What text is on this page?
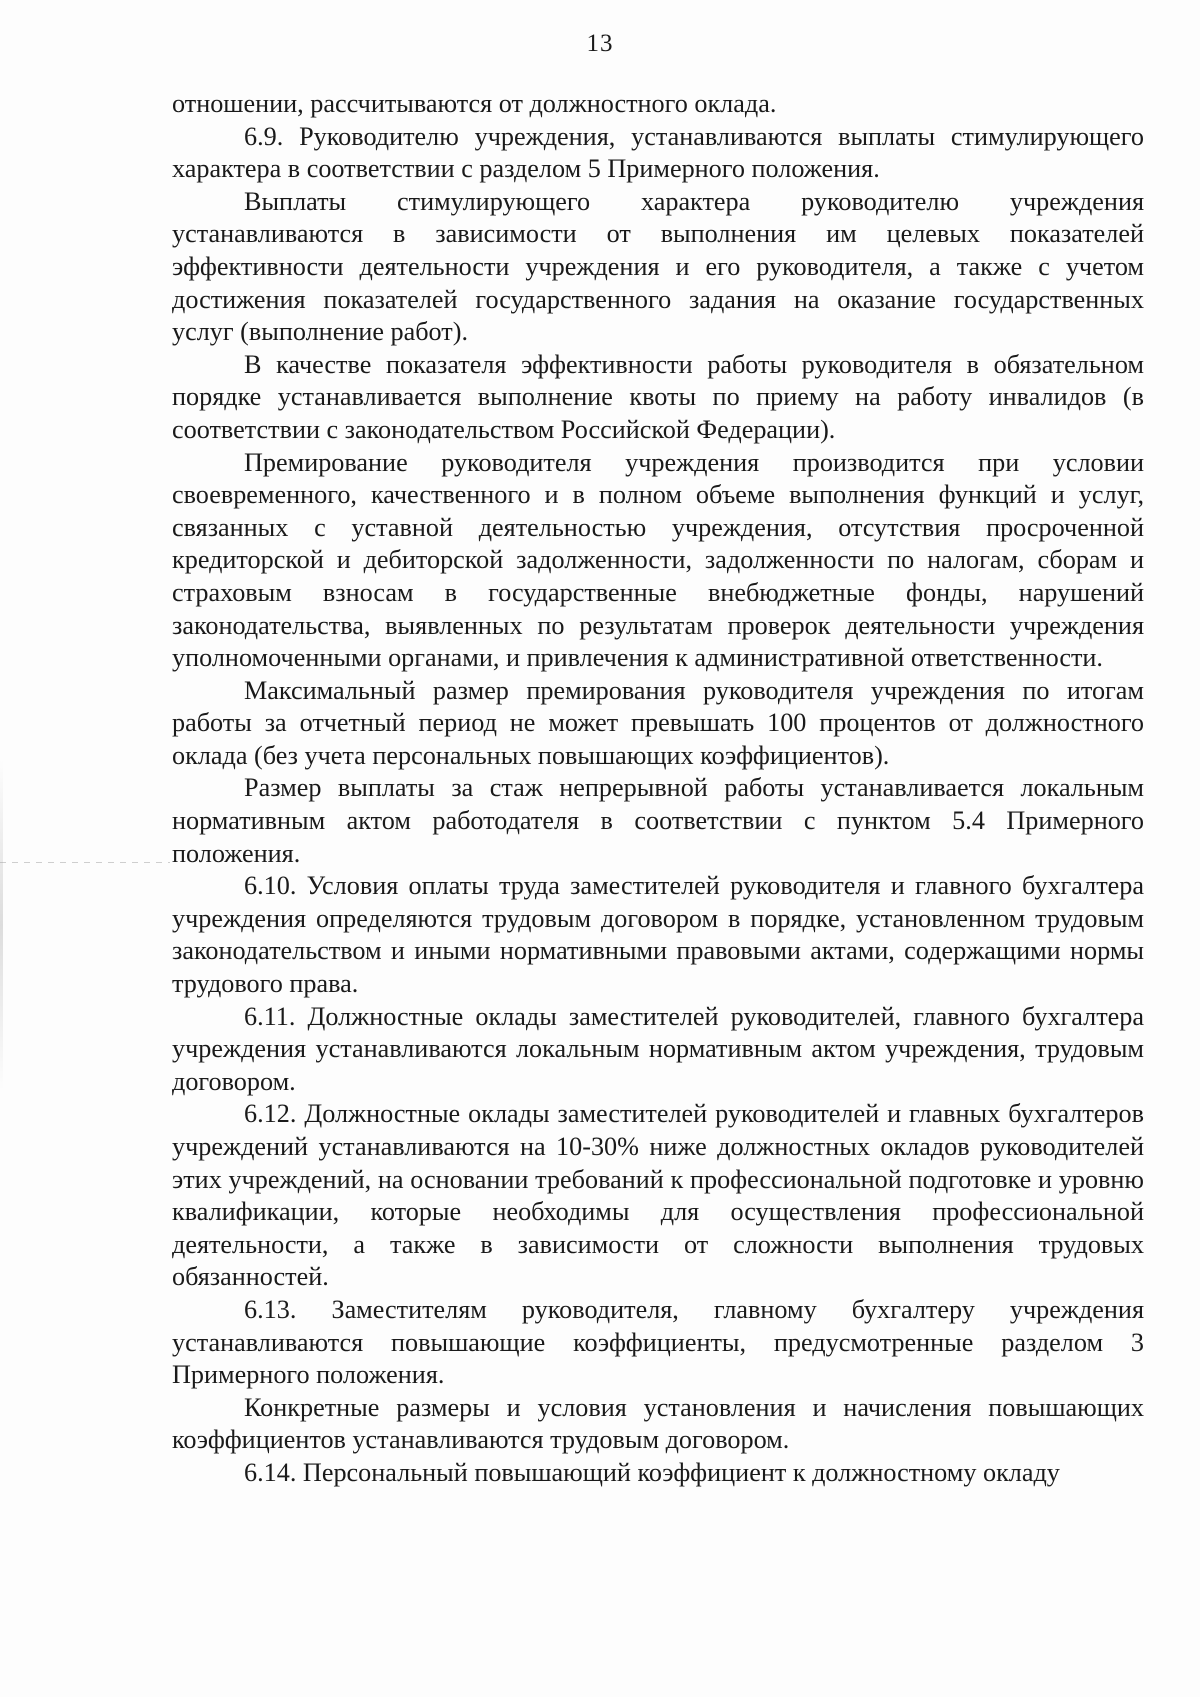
13

отношении, рассчитываются от должностного оклада.

6.9. Руководителю учреждения, устанавливаются выплаты стимулирующего характера в соответствии с разделом 5 Примерного положения.

Выплаты стимулирующего характера руководителю учреждения устанавливаются в зависимости от выполнения им целевых показателей эффективности деятельности учреждения и его руководителя, а также с учетом достижения показателей государственного задания на оказание государственных услуг (выполнение работ).

В качестве показателя эффективности работы руководителя в обязательном порядке устанавливается выполнение квоты по приему на работу инвалидов (в соответствии с законодательством Российской Федерации).

Премирование руководителя учреждения производится при условии своевременного, качественного и в полном объеме выполнения функций и услуг, связанных с уставной деятельностью учреждения, отсутствия просроченной кредиторской и дебиторской задолженности, задолженности по налогам, сборам и страховым взносам в государственные внебюджетные фонды, нарушений законодательства, выявленных по результатам проверок деятельности учреждения уполномоченными органами, и привлечения к административной ответственности.

Максимальный размер премирования руководителя учреждения по итогам работы за отчетный период не может превышать 100 процентов от должностного оклада (без учета персональных повышающих коэффициентов).

Размер выплаты за стаж непрерывной работы устанавливается локальным нормативным актом работодателя в соответствии с пунктом 5.4 Примерного положения.

6.10. Условия оплаты труда заместителей руководителя и главного бухгалтера учреждения определяются трудовым договором в порядке, установленном трудовым законодательством и иными нормативными правовыми актами, содержащими нормы трудового права.

6.11. Должностные оклады заместителей руководителей, главного бухгалтера учреждения устанавливаются локальным нормативным актом учреждения, трудовым договором.

6.12. Должностные оклады заместителей руководителей и главных бухгалтеров учреждений устанавливаются на 10-30% ниже должностных окладов руководителей этих учреждений, на основании требований к профессиональной подготовке и уровню квалификации, которые необходимы для осуществления профессиональной деятельности, а также в зависимости от сложности выполнения трудовых обязанностей.

6.13. Заместителям руководителя, главному бухгалтеру учреждения устанавливаются повышающие коэффициенты, предусмотренные разделом 3 Примерного положения.

Конкретные размеры и условия установления и начисления повышающих коэффициентов устанавливаются трудовым договором.

6.14. Персональный повышающий коэффициент к должностному окладу
